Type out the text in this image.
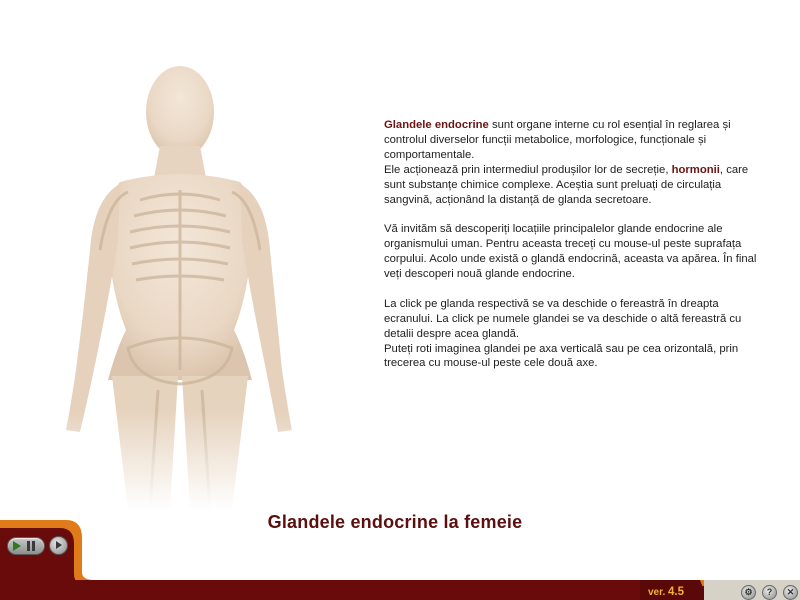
Glandele endocrine sunt organe interne cu rol esențial în reglarea și controlul diverselor funcții metabolice, morfologice, funcționale și comportamentale.
Ele acționează prin intermediul produșilor lor de secreție, hormonii, care sunt substanțe chimice complexe. Aceștia sunt preluați de circulația sangvină, acționând la distanță de glanda secretoare.

Vă invităm să descoperiți locațiile principalelor glande endocrine ale organismului uman. Pentru aceasta treceți cu mouse-ul peste suprafața corpului. Acolo unde există o glandă endocrină, aceasta va apărea. În final veți descoperi nouă glande endocrine.

La click pe glanda respectivă se va deschide o fereastră în dreapta ecranului. La click pe numele glandei se va deschide o altă fereastră cu detalii despre acea glandă.
Puteți roti imaginea glandei pe axa verticală sau pe cea orizontală, prin trecerea cu mouse-ul peste cele două axe.

Glandele endocrine la femeie
ver. 4.5	⚙	?	✕
